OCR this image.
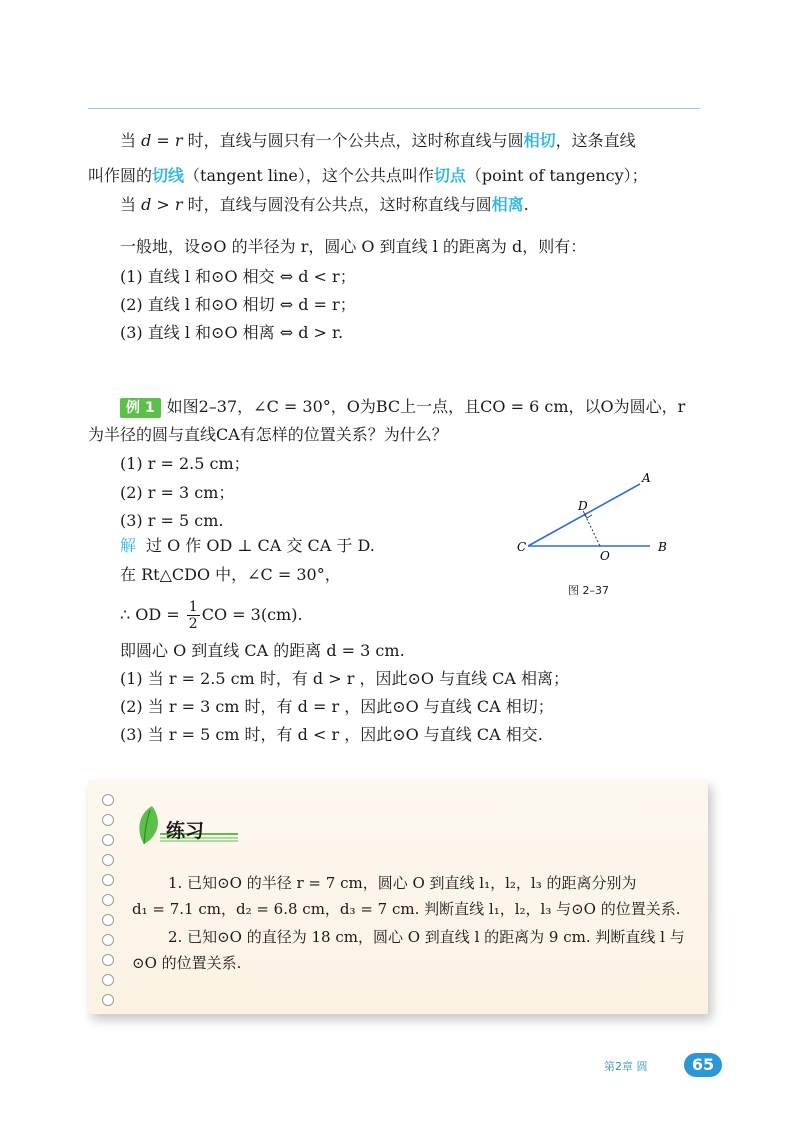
当 d = r 时，直线与圆只有一个公共点，这时称直线与圆相切，这条直线
叫作圆的切线（tangent line），这个公共点叫作切点（point of tangency）；
当 d > r 时，直线与圆没有公共点，这时称直线与圆相离.
一般地，设⊙O 的半径为 r，圆心 O 到直线 l 的距离为 d，则有：
(1) 直线 l 和⊙O 相交 ⇔ d < r；
(2) 直线 l 和⊙O 相切 ⇔ d = r；
(3) 直线 l 和⊙O 相离 ⇔ d > r.
例 1 如图2–37，∠C = 30°，O为BC上一点，且CO = 6 cm，以O为圆心，r
为半径的圆与直线CA有怎样的位置关系？为什么？
(1) r = 2.5 cm；
(2) r = 3 cm；
(3) r = 5 cm.
解 过 O 作 OD ⊥ CA 交 CA 于 D.
在 Rt△CDO 中，∠C = 30°，
∴ OD = $\frac{1}{2}$ CO = 3(cm).
即圆心 O 到直线 CA 的距离 d = 3 cm.
(1) 当 r = 2.5 cm 时，有 d > r ，因此⊙O 与直线 CA 相离；
(2) 当 r = 3 cm 时，有 d = r ，因此⊙O 与直线 CA 相切；
(3) 当 r = 5 cm 时，有 d < r ，因此⊙O 与直线 CA 相交.
A
D
C
O
B
图 2–37
练习
1. 已知⊙O 的半径 r = 7 cm，圆心 O 到直线 l₁，l₂，l₃ 的距离分别为
d₁ = 7.1 cm，d₂ = 6.8 cm，d₃ = 7 cm. 判断直线 l₁，l₂，l₃ 与⊙O 的位置关系.
2. 已知⊙O 的直径为 18 cm，圆心 O 到直线 l 的距离为 9 cm. 判断直线 l 与
⊙O 的位置关系.
第2章 圆	65
